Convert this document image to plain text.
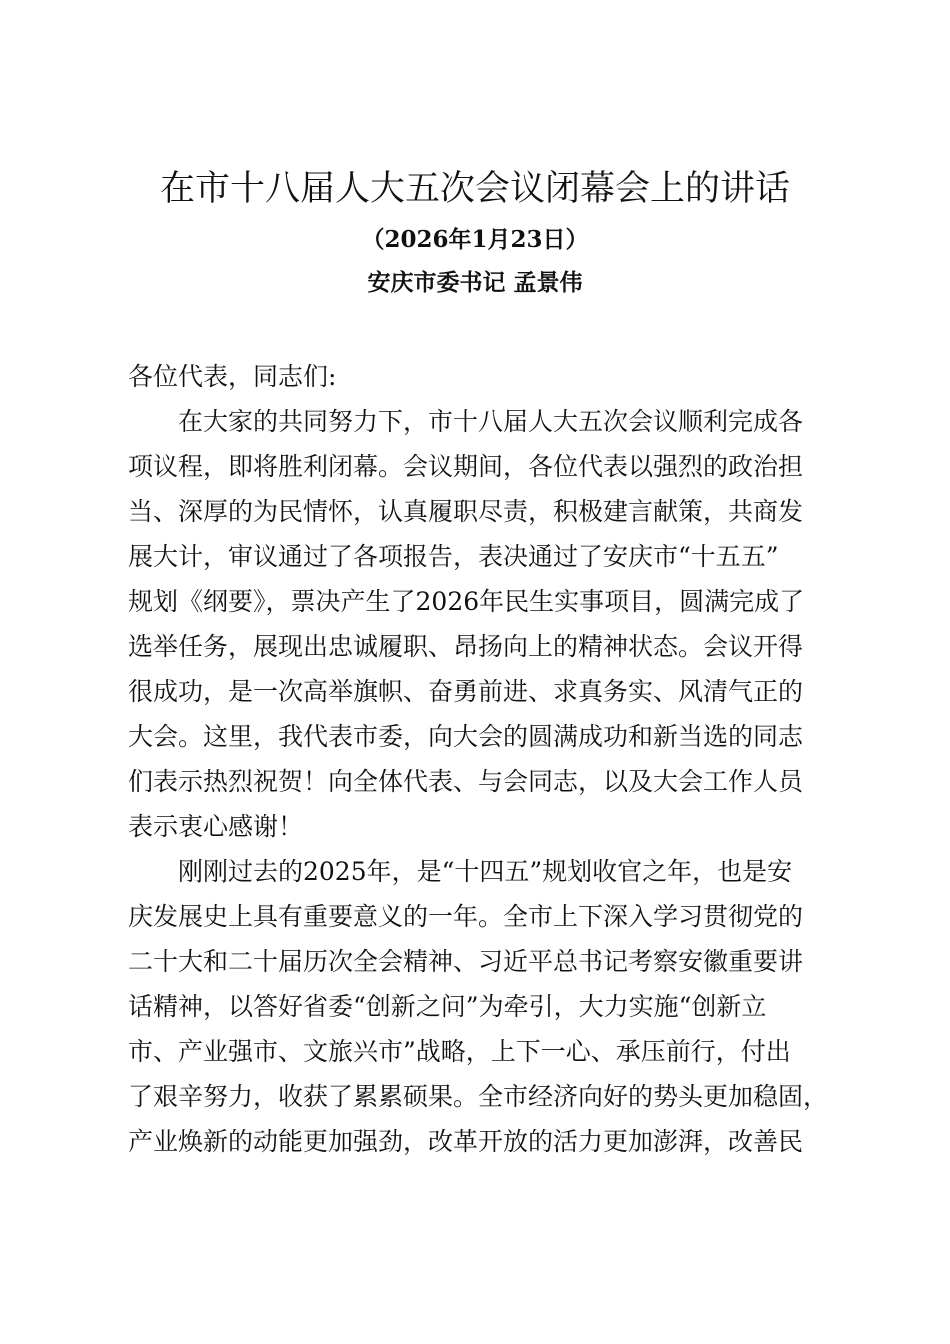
在市十八届人大五次会议闭幕会上的讲话
（2026年1月23日）
安庆市委书记 孟景伟
各位代表，同志们:
在大家的共同努力下，市十八届人大五次会议顺利完成各
项议程，即将胜利闭幕。会议期间，各位代表以强烈的政治担
当、深厚的为民情怀，认真履职尽责，积极建言献策，共商发
展大计，审议通过了各项报告，表决通过了安庆市“十五五”
规划《纲要》，票决产生了2026年民生实事项目，圆满完成了
选举任务，展现出忠诚履职、昂扬向上的精神状态。会议开得
很成功，是一次高举旗帜、奋勇前进、求真务实、风清气正的
大会。这里，我代表市委，向大会的圆满成功和新当选的同志
们表示热烈祝贺！向全体代表、与会同志，以及大会工作人员
表示衷心感谢！
刚刚过去的2025年，是“十四五”规划收官之年，也是安
庆发展史上具有重要意义的一年。全市上下深入学习贯彻党的
二十大和二十届历次全会精神、习近平总书记考察安徽重要讲
话精神，以答好省委“创新之问”为牵引，大力实施“创新立
市、产业强市、文旅兴市”战略，上下一心、承压前行，付出
了艰辛努力，收获了累累硕果。全市经济向好的势头更加稳固，
产业焕新的动能更加强劲，改革开放的活力更加澎湃，改善民
